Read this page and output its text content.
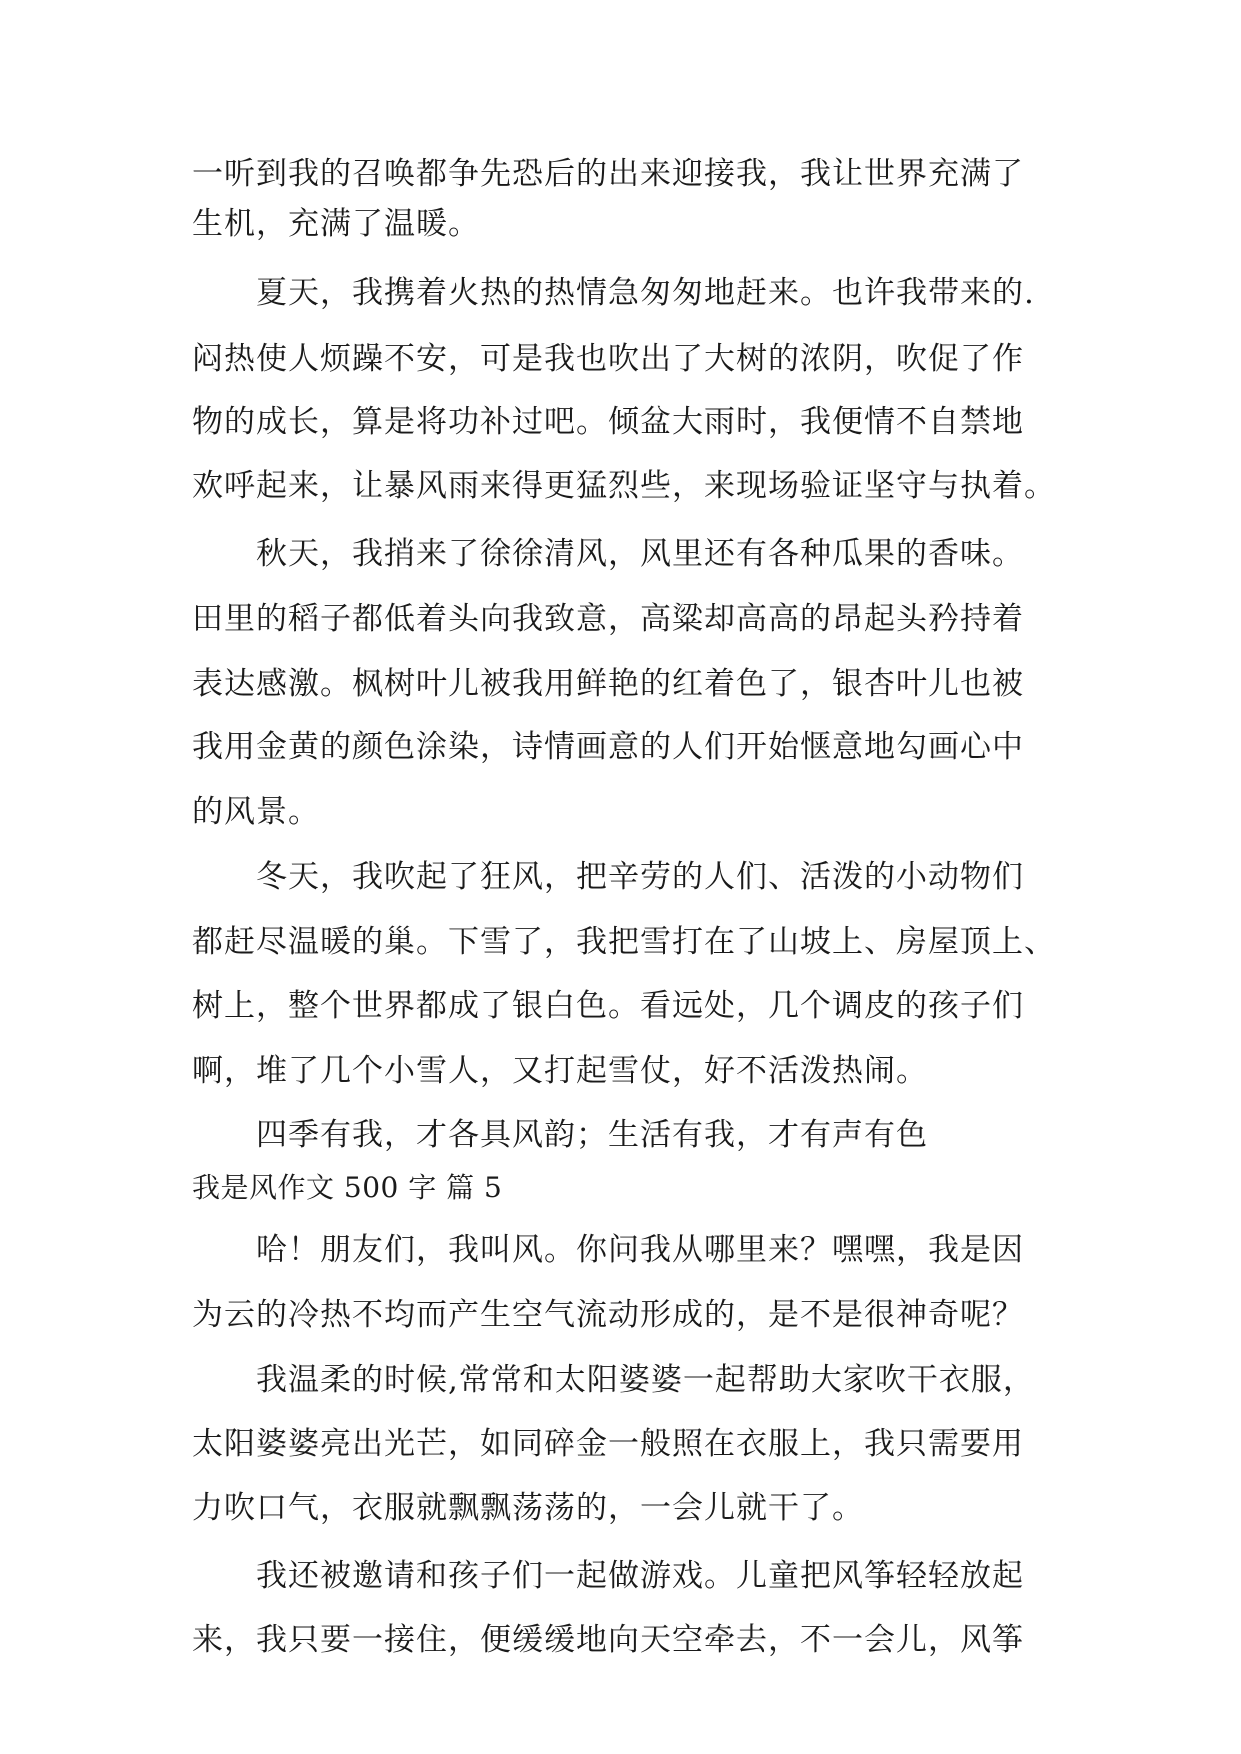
一听到我的召唤都争先恐后的出来迎接我，我让世界充满了
生机，充满了温暖。
夏天，我携着火热的热情急匆匆地赶来。也许我带来的.
闷热使人烦躁不安，可是我也吹出了大树的浓阴，吹促了作
物的成长，算是将功补过吧。倾盆大雨时，我便情不自禁地
欢呼起来，让暴风雨来得更猛烈些，来现场验证坚守与执着。
秋天，我捎来了徐徐清风，风里还有各种瓜果的香味。
田里的稻子都低着头向我致意，高粱却高高的昂起头矜持着
表达感激。枫树叶儿被我用鲜艳的红着色了，银杏叶儿也被
我用金黄的颜色涂染，诗情画意的人们开始惬意地勾画心中
的风景。
冬天，我吹起了狂风，把辛劳的人们、活泼的小动物们
都赶尽温暖的巢。下雪了，我把雪打在了山坡上、房屋顶上、
树上，整个世界都成了银白色。看远处，几个调皮的孩子们
啊，堆了几个小雪人，又打起雪仗，好不活泼热闹。
四季有我，才各具风韵；生活有我，才有声有色
我是风作文 500 字 篇 5
哈！朋友们，我叫风。你问我从哪里来？嘿嘿，我是因
为云的冷热不均而产生空气流动形成的，是不是很神奇呢？
我温柔的时候,常常和太阳婆婆一起帮助大家吹干衣服，
太阳婆婆亮出光芒，如同碎金一般照在衣服上，我只需要用
力吹口气，衣服就飘飘荡荡的，一会儿就干了。
我还被邀请和孩子们一起做游戏。儿童把风筝轻轻放起
来，我只要一接住，便缓缓地向天空牵去，不一会儿，风筝
